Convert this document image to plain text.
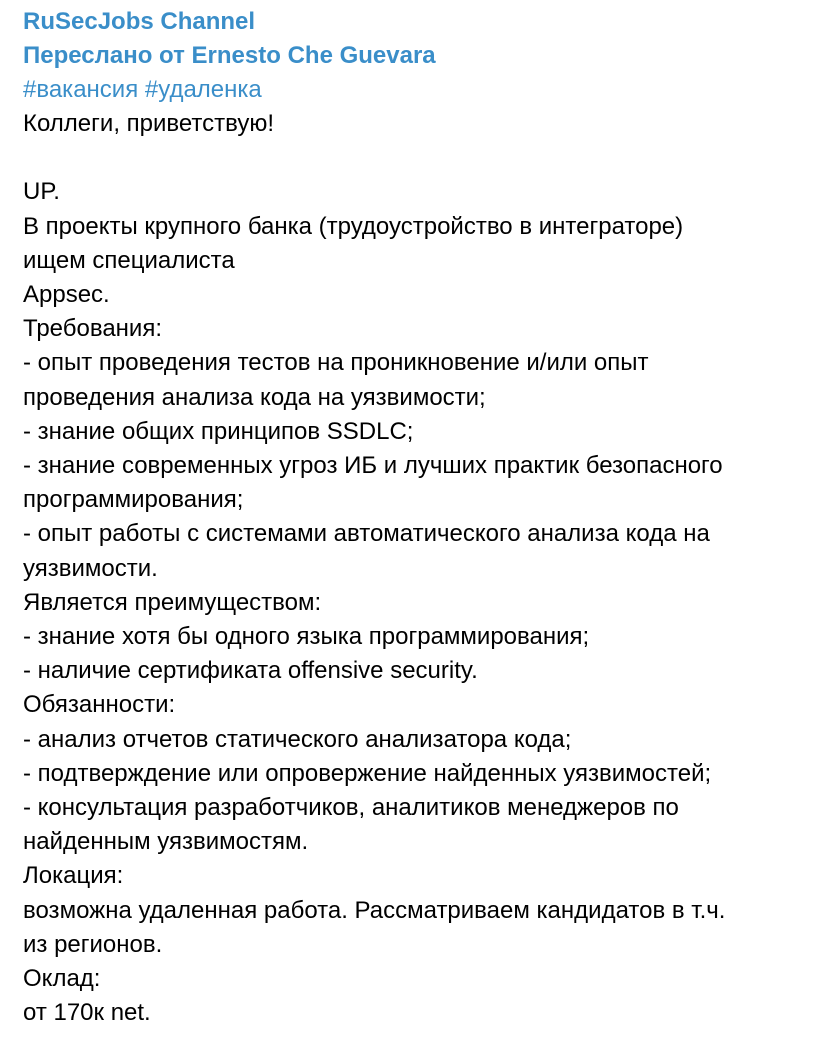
RuSecJobs Channel
Переслано от Ernesto Che Guevara
#вакансия #удаленка
Коллеги, приветствую!
UP.
В проекты крупного банка (трудоустройство в интеграторе)
ищем специалиста
Appsec.
Требования:
- опыт проведения тестов на проникновение и/или опыт
проведения анализа кода на уязвимости;
- знание общих принципов SSDLC;
- знание современных угроз ИБ и лучших практик безопасного
программирования;
- опыт работы с системами автоматического анализа кода на
уязвимости.
Является преимуществом:
- знание хотя бы одного языка программирования;
- наличие сертификата offensive security.
Обязанности:
- анализ отчетов статического анализатора кода;
- подтверждение или опровержение найденных уязвимостей;
- консультация разработчиков, аналитиков менеджеров по
найденным уязвимостям.
Локация:
возможна удаленная работа. Рассматриваем кандидатов в т.ч.
из регионов.
Оклад:
от 170к net.
